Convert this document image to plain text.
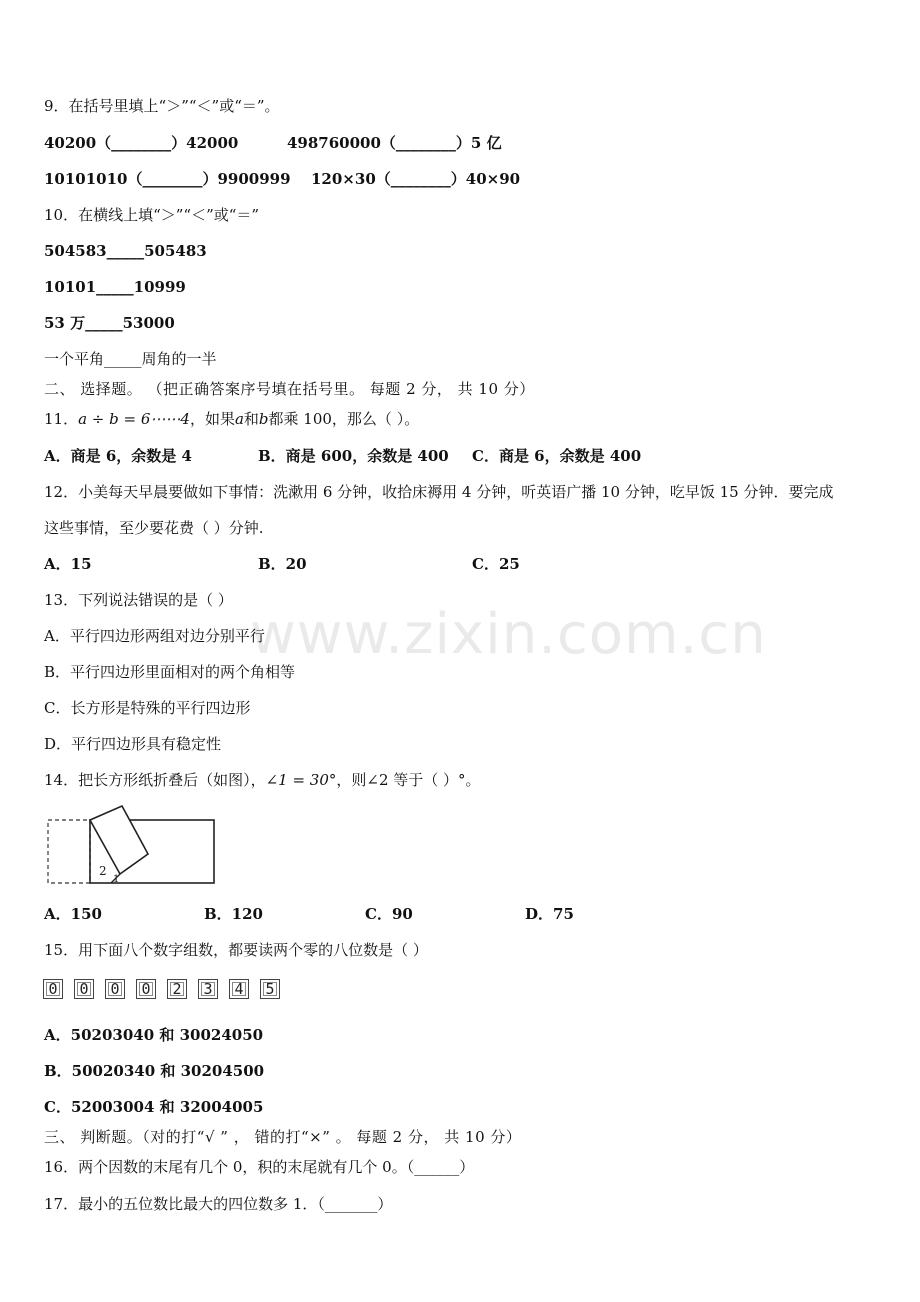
www.zixin.com.cn
9．在括号里填上“＞”“＜”或“＝”。
40200（________）42000	498760000（________）5 亿
10101010（________）9900999 120×30（________）40×90
10．在横线上填“＞”“＜”或“＝”
504583_____505483
10101_____10999
53 万_____53000
一个平角_____周角的一半
二、 选择题。 （把正确答案序号填在括号里。 每题 2 分， 共 10 分）
11．a ÷ b = 6⋯⋯4，如果a和b都乘 100，那么（ ）。
A．商是 6，余数是 4	B．商是 600，余数是 400 C．商是 6，余数是 400
12．小美每天早晨要做如下事情：洗漱用 6 分钟，收拾床褥用 4 分钟，听英语广播 10 分钟，吃早饭 15 分钟．要完成
这些事情，至少要花费（ ）分钟.
A．15	B．20	C．25
13．下列说法错误的是（ ）
A．平行四边形两组对边分别平行
B．平行四边形里面相对的两个角相等
C．长方形是特殊的平行四边形
D．平行四边形具有稳定性
14．把长方形纸折叠后（如图），∠1 = 30°，则∠2 等于（ ）°。
2
1
A．150	B．120	C．90	D．75
15．用下面八个数字组数，都要读两个零的八位数是（ ）
0	0	0	0	2	3	4	5
A．50203040 和 30024050
B．50020340 和 30204500
C．52003004 和 32004005
三、 判断题。（对的打“√ ” ， 错的打“×” 。 每题 2 分， 共 10 分）
16．两个因数的末尾有几个 0，积的末尾就有几个 0。（______）
17．最小的五位数比最大的四位数多 1．（_______）
